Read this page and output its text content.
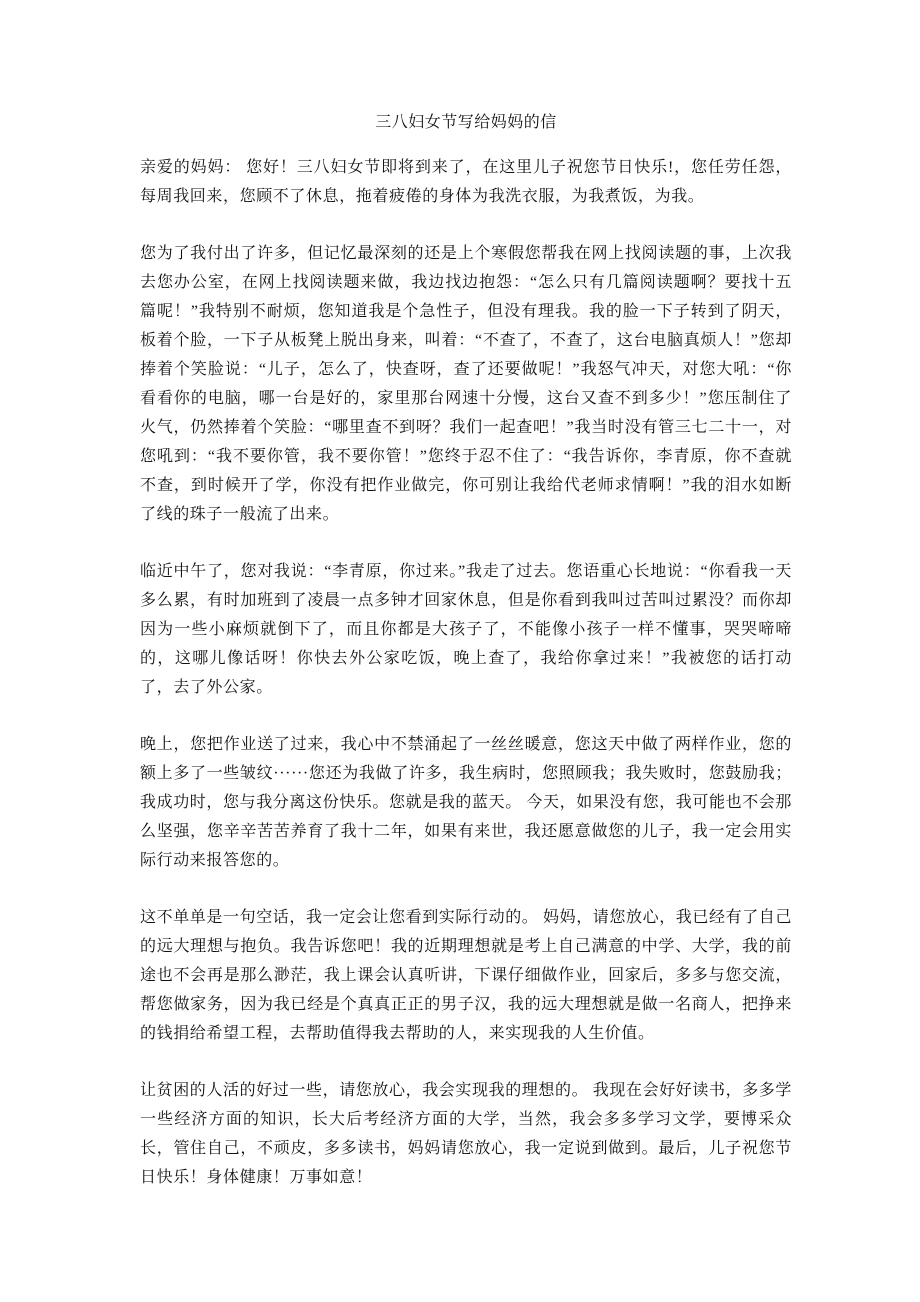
三八妇女节写给妈妈的信

亲爱的妈妈： 您好！三八妇女节即将到来了，在这里儿子祝您节日快乐!，您任劳任怨，每周我回来，您顾不了休息，拖着疲倦的身体为我洗衣服，为我煮饭，为我。

您为了我付出了许多，但记忆最深刻的还是上个寒假您帮我在网上找阅读题的事，上次我去您办公室，在网上找阅读题来做，我边找边抱怨：“怎么只有几篇阅读题啊？要找十五篇呢！”我特别不耐烦，您知道我是个急性子，但没有理我。我的脸一下子转到了阴天，板着个脸，一下子从板凳上脱出身来，叫着：“不查了，不查了，这台电脑真烦人！”您却捧着个笑脸说：“儿子，怎么了，快查呀，查了还要做呢！”我怒气冲天，对您大吼：“你看看你的电脑，哪一台是好的，家里那台网速十分慢，这台又查不到多少！”您压制住了火气，仍然捧着个笑脸：“哪里查不到呀？我们一起查吧！”我当时没有管三七二十一，对您吼到：“我不要你管，我不要你管！”您终于忍不住了：“我告诉你，李青原，你不查就不查，到时候开了学，你没有把作业做完，你可别让我给代老师求情啊！”我的泪水如断了线的珠子一般流了出来。

临近中午了，您对我说：“李青原，你过来。”我走了过去。您语重心长地说：“你看我一天多么累，有时加班到了凌晨一点多钟才回家休息，但是你看到我叫过苦叫过累没？而你却因为一些小麻烦就倒下了，而且你都是大孩子了，不能像小孩子一样不懂事，哭哭啼啼的，这哪儿像话呀！你快去外公家吃饭，晚上查了，我给你拿过来！”我被您的话打动了，去了外公家。

晚上，您把作业送了过来，我心中不禁涌起了一丝丝暖意，您这天中做了两样作业，您的额上多了一些皱纹······您还为我做了许多，我生病时，您照顾我；我失败时，您鼓励我；我成功时，您与我分离这份快乐。您就是我的蓝天。 今天，如果没有您，我可能也不会那么坚强，您辛辛苦苦养育了我十二年，如果有来世，我还愿意做您的儿子，我一定会用实际行动来报答您的。

这不单单是一句空话，我一定会让您看到实际行动的。 妈妈，请您放心，我已经有了自己的远大理想与抱负。我告诉您吧！我的近期理想就是考上自己满意的中学、大学，我的前途也不会再是那么渺茫，我上课会认真听讲，下课仔细做作业，回家后，多多与您交流，帮您做家务，因为我已经是个真真正正的男子汉，我的远大理想就是做一名商人，把挣来的钱捐给希望工程，去帮助值得我去帮助的人，来实现我的人生价值。

让贫困的人活的好过一些，请您放心，我会实现我的理想的。 我现在会好好读书，多多学一些经济方面的知识，长大后考经济方面的大学，当然，我会多多学习文学，要博采众长，管住自己，不顽皮，多多读书，妈妈请您放心，我一定说到做到。最后，儿子祝您节日快乐！身体健康！万事如意！
